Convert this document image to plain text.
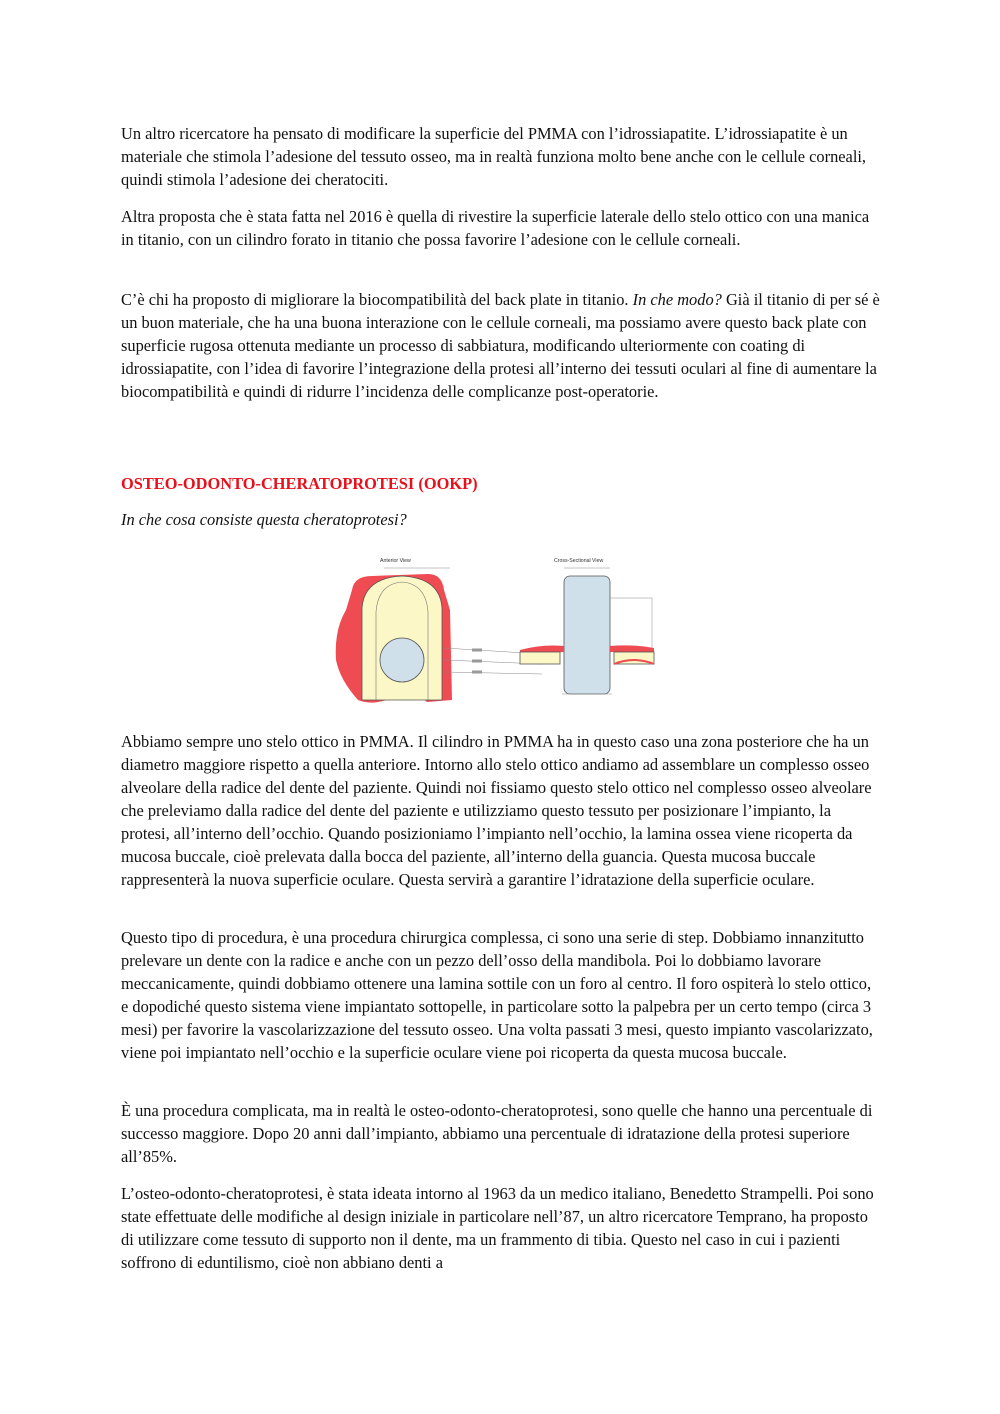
Un altro ricercatore ha pensato di modificare la superficie del PMMA con l’idrossiapatite. L’idrossiapatite è un materiale che stimola l’adesione del tessuto osseo, ma in realtà funziona molto bene anche con le cellule corneali, quindi stimola l’adesione dei cheratociti.

Altra proposta che è stata fatta nel 2016 è quella di rivestire la superficie laterale dello stelo ottico con una manica in titanio, con un cilindro forato in titanio che possa favorire l’adesione con le cellule corneali.

C’è chi ha proposto di migliorare la biocompatibilità del back plate in titanio. In che modo? Già il titanio di per sé è un buon materiale, che ha una buona interazione con le cellule corneali, ma possiamo avere questo back plate con superficie rugosa ottenuta mediante un processo di sabbiatura, modificando ulteriormente con coating di idrossiapatite, con l’idea di favorire l’integrazione della protesi all’interno dei tessuti oculari al fine di aumentare la biocompatibilità e quindi di ridurre l’incidenza delle complicanze post-operatorie.

OSTEO-ODONTO-CHERATOPROTESI (OOKP)

In che cosa consiste questa cheratoprotesi?

Anterior View	Cross-Sectional View

Abbiamo sempre uno stelo ottico in PMMA. Il cilindro in PMMA ha in questo caso una zona posteriore che ha un diametro maggiore rispetto a quella anteriore. Intorno allo stelo ottico andiamo ad assemblare un complesso osseo alveolare della radice del dente del paziente. Quindi noi fissiamo questo stelo ottico nel complesso osseo alveolare che preleviamo dalla radice del dente del paziente e utilizziamo questo tessuto per posizionare l’impianto, la protesi, all’interno dell’occhio. Quando posizioniamo l’impianto nell’occhio, la lamina ossea viene ricoperta da mucosa buccale, cioè prelevata dalla bocca del paziente, all’interno della guancia. Questa mucosa buccale rappresenterà la nuova superficie oculare. Questa servirà a garantire l’idratazione della superficie oculare.

Questo tipo di procedura, è una procedura chirurgica complessa, ci sono una serie di step. Dobbiamo innanzitutto prelevare un dente con la radice e anche con un pezzo dell’osso della mandibola. Poi lo dobbiamo lavorare meccanicamente, quindi dobbiamo ottenere una lamina sottile con un foro al centro. Il foro ospiterà lo stelo ottico, e dopodiché questo sistema viene impiantato sottopelle, in particolare sotto la palpebra per un certo tempo (circa 3 mesi) per favorire la vascolarizzazione del tessuto osseo. Una volta passati 3 mesi, questo impianto vascolarizzato, viene poi impiantato nell’occhio e la superficie oculare viene poi ricoperta da questa mucosa buccale.

È una procedura complicata, ma in realtà le osteo-odonto-cheratoprotesi, sono quelle che hanno una percentuale di successo maggiore. Dopo 20 anni dall’impianto, abbiamo una percentuale di idratazione della protesi superiore all’85%.

L’osteo-odonto-cheratoprotesi, è stata ideata intorno al 1963 da un medico italiano, Benedetto Strampelli. Poi sono state effettuate delle modifiche al design iniziale in particolare nell’87, un altro ricercatore Temprano, ha proposto di utilizzare come tessuto di supporto non il dente, ma un frammento di tibia. Questo nel caso in cui i pazienti soffrono di eduntilismo, cioè non abbiano denti a
